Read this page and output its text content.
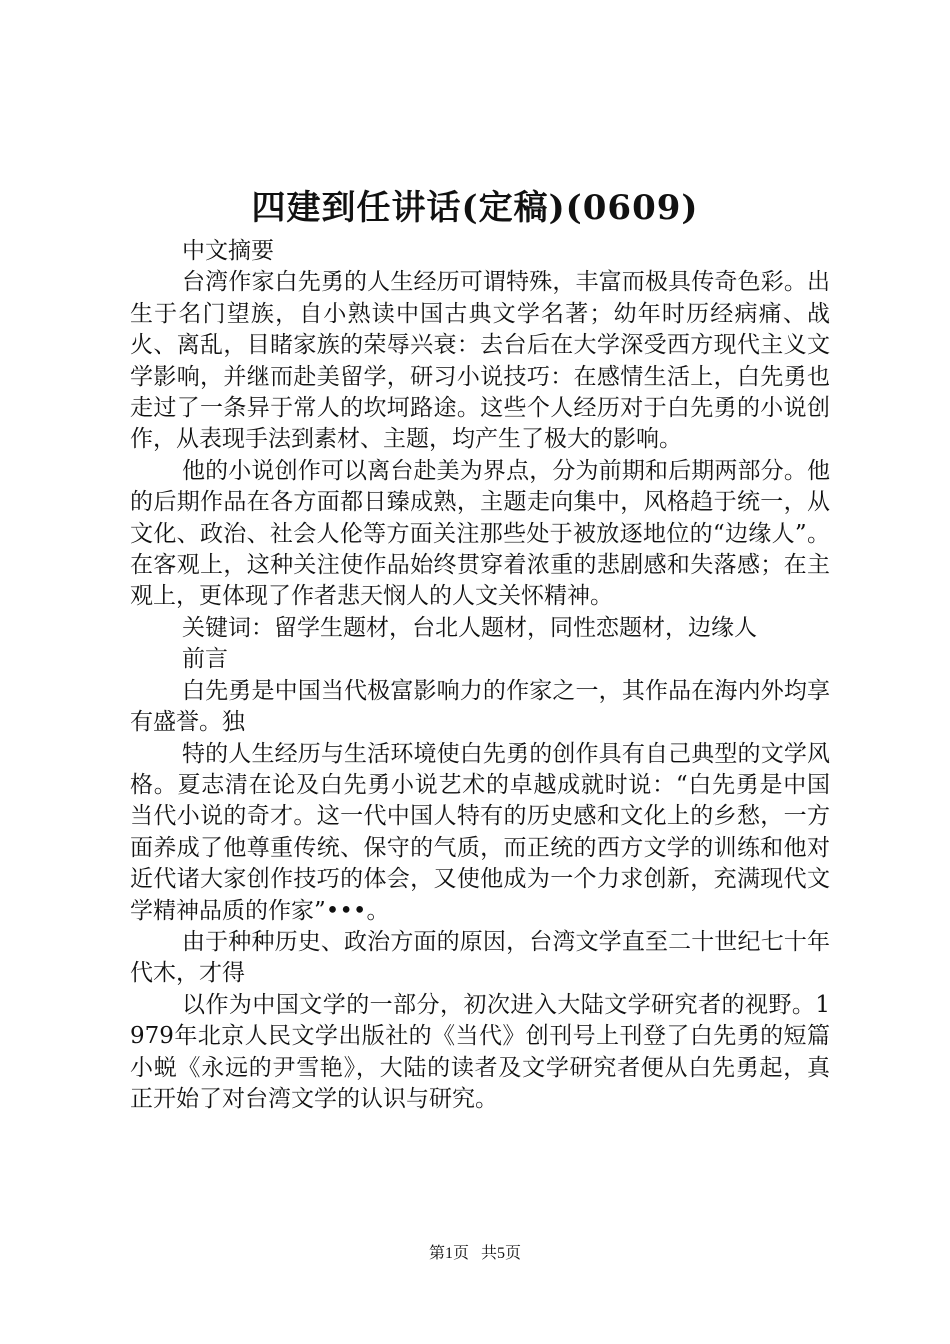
四建到任讲话(定稿)(0609)

中文摘要

台湾作家白先勇的人生经历可谓特殊，丰富而极具传奇色彩。出生于名门望族，自小熟读中国古典文学名著；幼年时历经病痛、战火、离乱，目睹家族的荣辱兴衰：去台后在大学深受西方现代主义文学影响，并继而赴美留学，研习小说技巧：在感情生活上，白先勇也走过了一条异于常人的坎坷路途。这些个人经历对于白先勇的小说创作，从表现手法到素材、主题，均产生了极大的影响。

他的小说创作可以离台赴美为界点，分为前期和后期两部分。他的后期作品在各方面都日臻成熟，主题走向集中，风格趋于统一，从文化、政治、社会人伦等方面关注那些处于被放逐地位的“边缘人”。在客观上，这种关注使作品始终贯穿着浓重的悲剧感和失落感；在主观上，更体现了作者悲天悯人的人文关怀精神。

关键词：留学生题材，台北人题材，同性恋题材，边缘人

前言

白先勇是中国当代极富影响力的作家之一，其作品在海内外均享有盛誉。独

特的人生经历与生活环境使白先勇的创作具有自己典型的文学风格。夏志清在论及白先勇小说艺术的卓越成就时说：“白先勇是中国当代小说的奇才。这一代中国人特有的历史感和文化上的乡愁，一方面养成了他尊重传统、保守的气质，而正统的西方文学的训练和他对近代诸大家创作技巧的体会，又使他成为一个力求创新，充满现代文学精神品质的作家”•••。

由于种种历史、政治方面的原因，台湾文学直至二十世纪七十年代木，才得

以作为中国文学的一部分，初次进入大陆文学研究者的视野。1979年北京人民文学出版社的《当代》创刊号上刊登了白先勇的短篇小蜕《永远的尹雪艳》，大陆的读者及文学研究者便从白先勇起，真正开始了对台湾文学的认识与研究。

第1页 共5页
